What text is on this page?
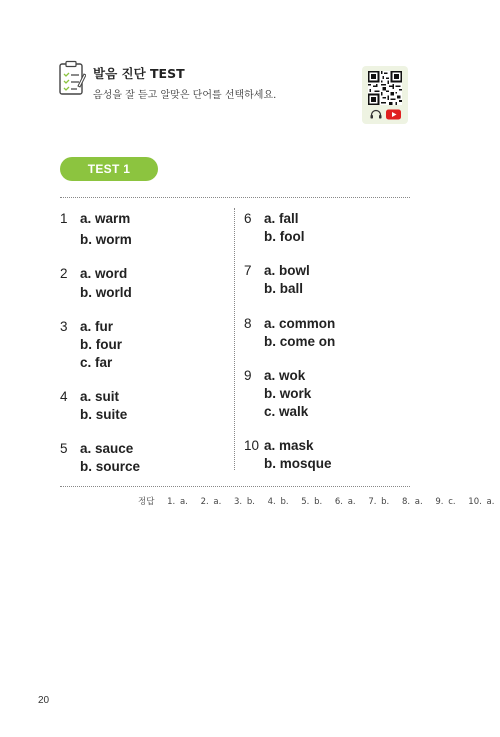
발음 진단 TEST
음성을 잘 듣고 알맞은 단어를 선택하세요.
TEST 1
1 a. warm
b. worm
2 a. word
b. world
3 a. fur
b. four
c. far
4 a. suit
b. suite
5 a. sauce
b. source
6 a. fall
b. fool
7 a. bowl
b. ball
8 a. common
b. come on
9 a. wok
b. work
c. walk
10 a. mask
b. mosque
정답 1. a. 2. a. 3. b. 4. b. 5. b. 6. a. 7. b. 8. a. 9. c. 10. a.
20
